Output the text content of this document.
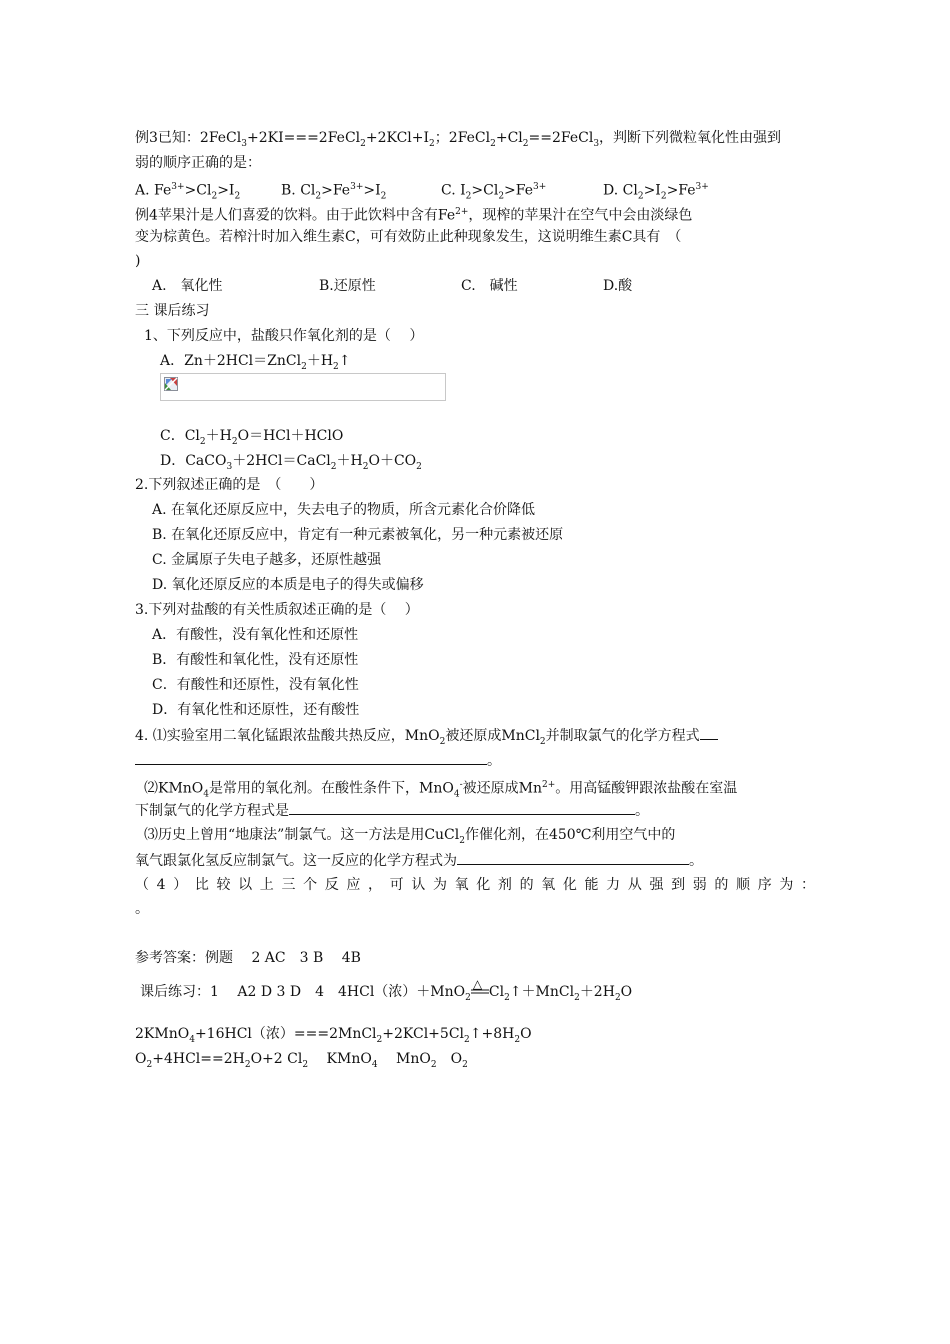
例3已知：$2FeCl_3+2KI===2FeCl_2+2KCl+I_2$；$2FeCl_2+Cl_2==2FeCl_3$，判断下列微粒氧化性由强到
弱的顺序正确的是：
A. $Fe^{3+}>Cl_2>I_2$	B. $Cl_2>Fe^{3+}>I_2$	C. $I_2>Cl_2>Fe^{3+}$	D. $Cl_2>I_2>Fe^{3+}$
例4苹果汁是人们喜爱的饮料。由于此饮料中含有$Fe^{2+}$，现榨的苹果汁在空气中会由淡绿色
变为棕黄色。若榨汁时加入维生素C，可有效防止此种现象发生，这说明维生素C具有　（
)
A.　氧化性	B.还原性	C.　碱性	D.酸
三 课后练习
1、下列反应中，盐酸只作氧化剂的是（　 ）
A．$Zn+2HCl=ZnCl_2+H_2↑$
C．$Cl_2+H_2O=HCl+HClO$
D．$CaCO_3+2HCl=CaCl_2+H_2O+CO_2$
2.下列叙述正确的是　（　　）
A. 在氧化还原反应中，失去电子的物质，所含元素化合价降低
B. 在氧化还原反应中，肯定有一种元素被氧化，另一种元素被还原
C. 金属原子失电子越多，还原性越强
D. 氧化还原反应的本质是电子的得失或偏移
3.下列对盐酸的有关性质叙述正确的是（　 ）
A．有酸性，没有氧化性和还原性
B．有酸性和氧化性，没有还原性
C．有酸性和还原性，没有氧化性
D．有氧化性和还原性，还有酸性
4. ⑴实验室用二氧化锰跟浓盐酸共热反应，MnO$_2$被还原成MnCl$_2$并制取氯气的化学方程式
。
⑵KMnO$_4$是常用的氧化剂。在酸性条件下，MnO$_4$-被还原成$Mn^{2+}$。用高锰酸钾跟浓盐酸在室温
下制氯气的化学方程式是	。
⑶历史上曾用“地康法”制氯气。这一方法是用CuCl$_2$作催化剂，在450℃利用空气中的
氧气跟氯化氢反应制氯气。这一反应的化学方程式为	。
（4）比较以上三个反应，可认为氧化剂的氧化能力从强到弱的顺序为：
。
参考答案：例题　 2 AC　3 B　 4B
课后练习：1　 A2 D 3 D　4　4HCl（浓）＋MnO$_2$
△ $Cl_2↑+MnCl_2+2H_2O$
2KMnO$_4$+16HCl（浓）$===2MnCl_2+2KCl+5Cl_2↑+8H_2O$
$O_2+4HCl==2H_2O+2$ $Cl_2$　 KMnO$_4$　 MnO$_2$　$O_2$
